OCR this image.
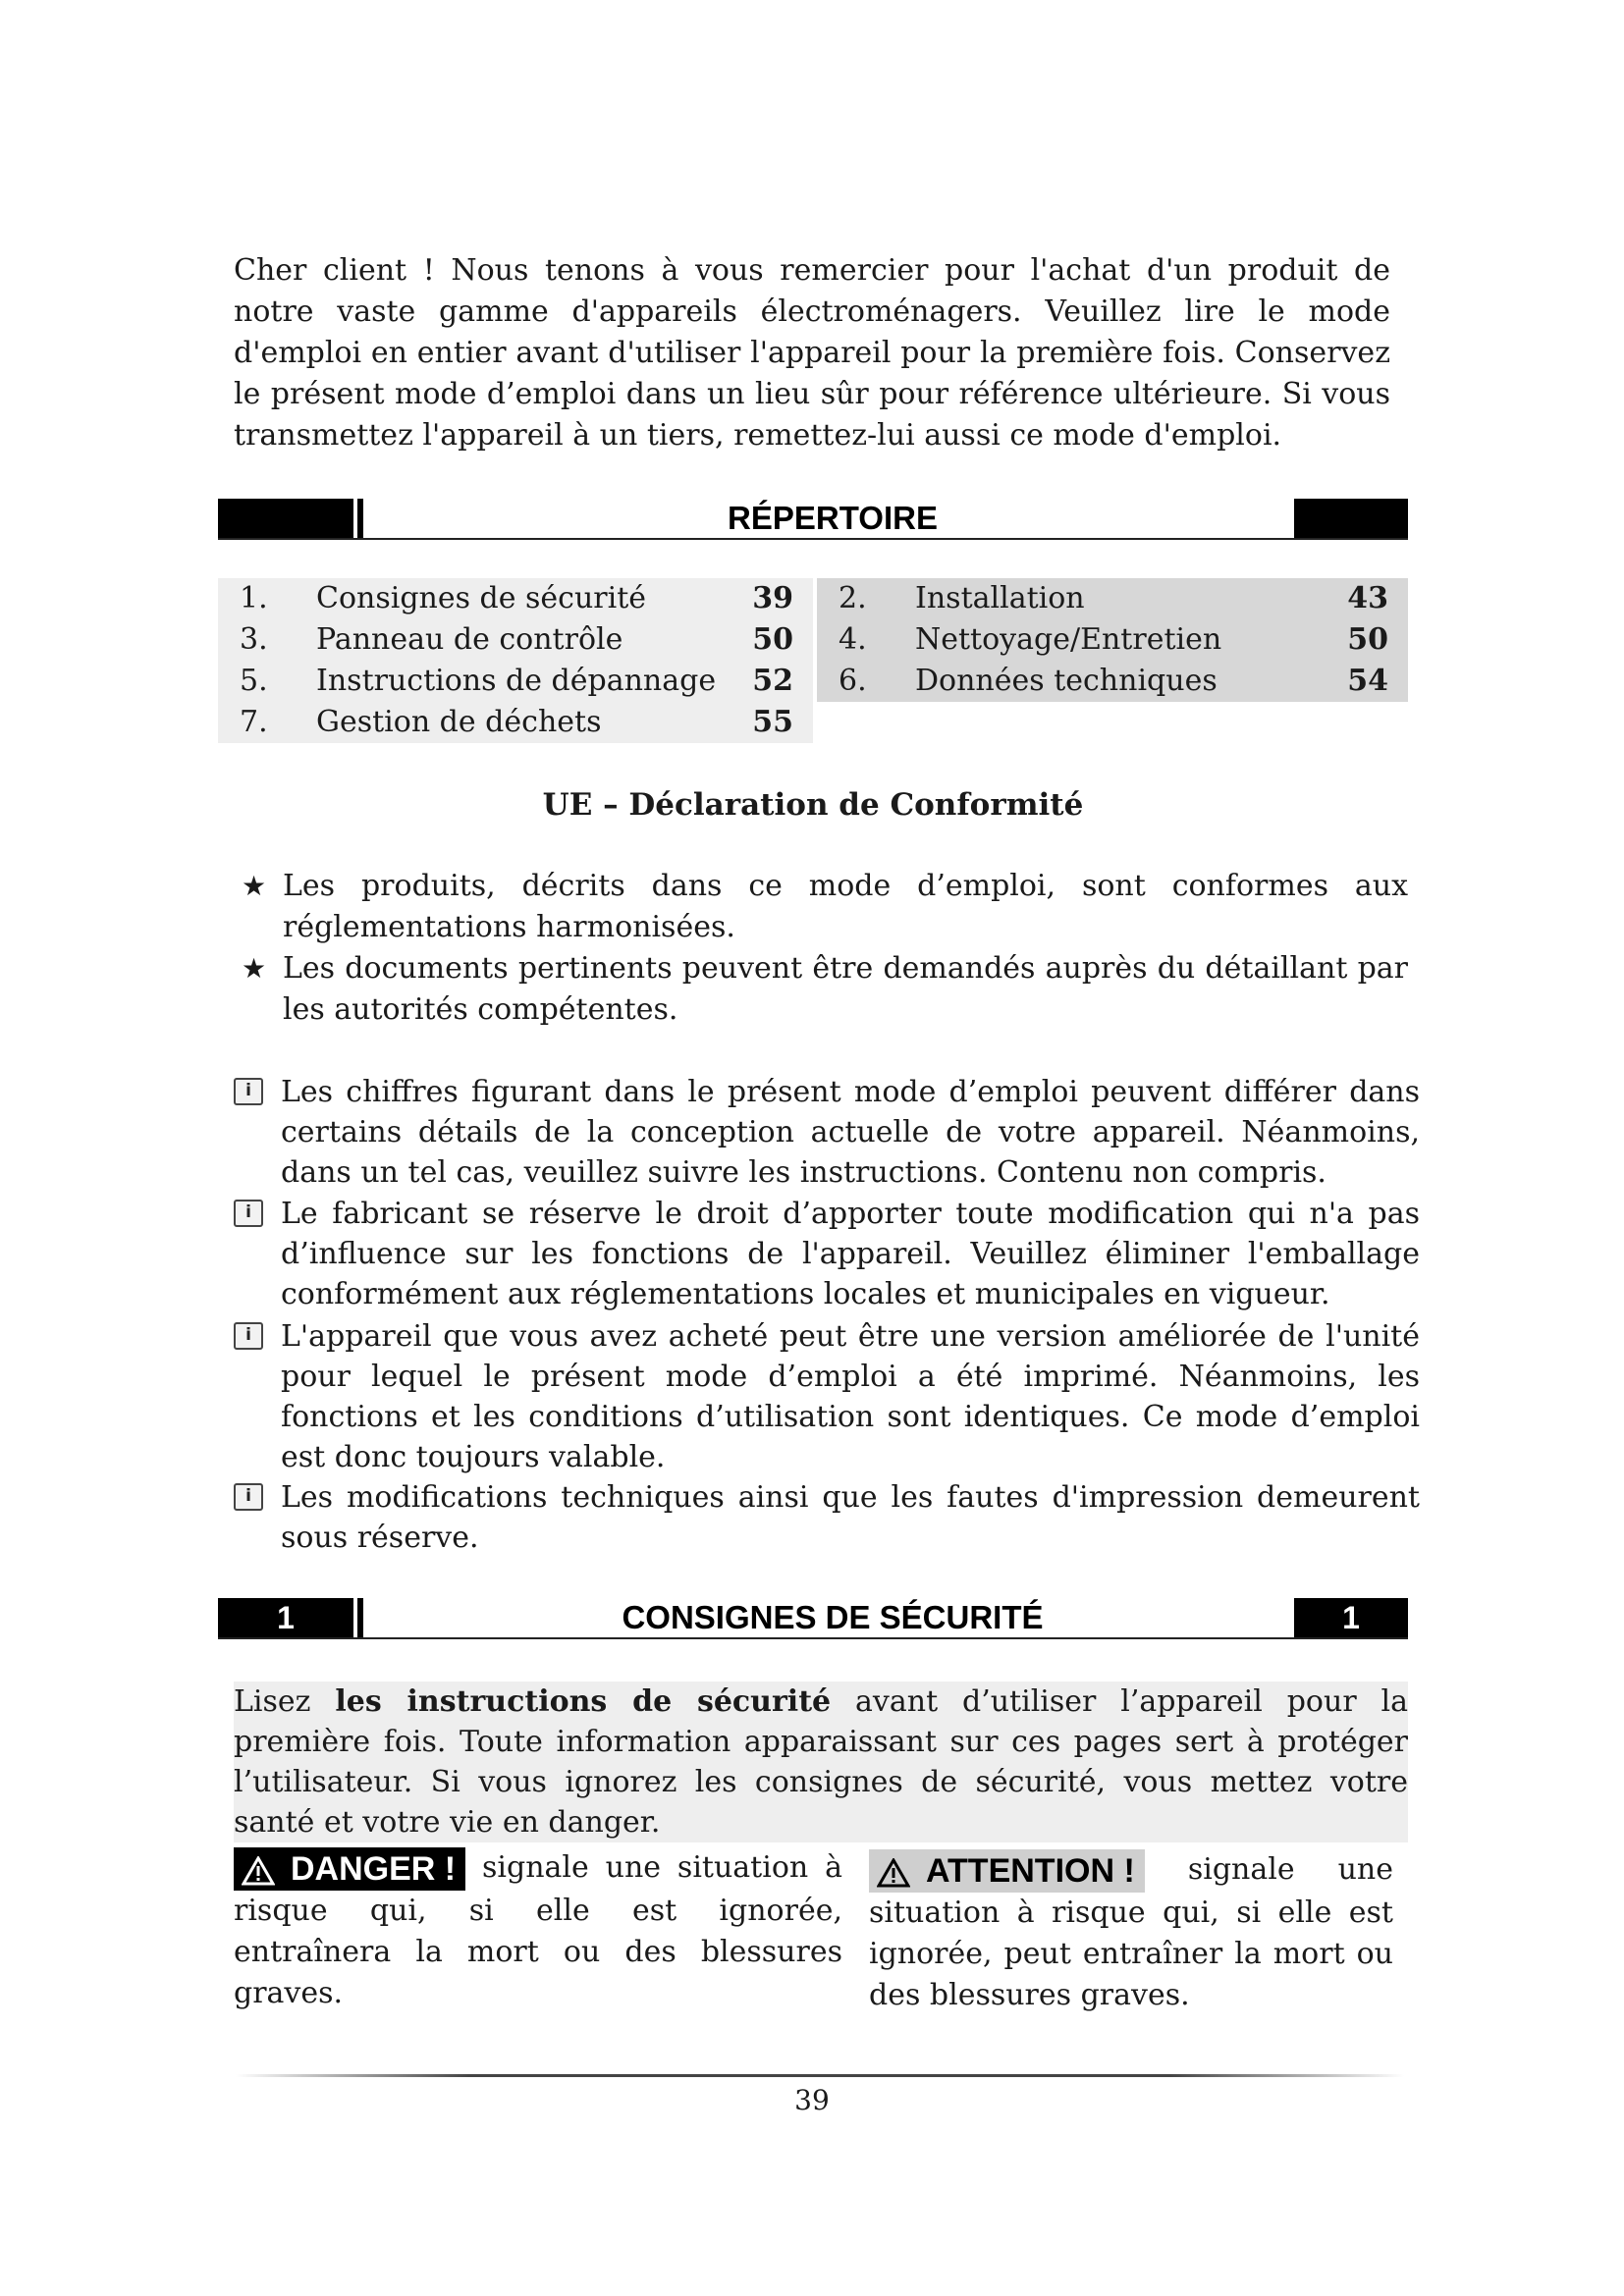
Cher client ! Nous tenons à vous remercier pour l'achat d'un produit de notre vaste gamme d'appareils électroménagers. Veuillez lire le mode d'emploi en entier avant d'utiliser l'appareil pour la première fois. Conservez le présent mode d’emploi dans un lieu sûr pour référence ultérieure. Si vous transmettez l'appareil à un tiers, remettez-lui aussi ce mode d'emploi.
RÉPERTOIRE
1. Consignes de sécurité	39 2. Installation	43
3. Panneau de contrôle	50 4. Nettoyage/Entretien	50
5. Instructions de dépannage 52 6. Données techniques	54
7. Gestion de déchets	55
UE – Déclaration de Conformité
★ Les produits, décrits dans ce mode d’emploi, sont conformes aux réglementations harmonisées.
★ Les documents pertinents peuvent être demandés auprès du détaillant par les autorités compétentes.
i	Les chiffres figurant dans le présent mode d’emploi peuvent différer dans certains détails de la conception actuelle de votre appareil. Néanmoins, dans un tel cas, veuillez suivre les instructions. Contenu non compris.
i	Le fabricant se réserve le droit d’apporter toute modification qui n'a pas d’influence sur les fonctions de l'appareil. Veuillez éliminer l'emballage conformément aux réglementations locales et municipales en vigueur.
i	L'appareil que vous avez acheté peut être une version améliorée de l'unité pour lequel le présent mode d’emploi a été imprimé. Néanmoins, les fonctions et les conditions d’utilisation sont identiques. Ce mode d’emploi est donc toujours valable.
i	Les modifications techniques ainsi que les fautes d'impression demeurent sous réserve.
1	CONSIGNES DE SÉCURITÉ	1
Lisez les instructions de sécurité avant d’utiliser l’appareil pour la première fois. Toute information apparaissant sur ces pages sert à protéger l’utilisateur. Si vous ignorez les consignes de sécurité, vous mettez votre santé et votre vie en danger.
DANGER ! signale une situation à risque qui, si elle est ignorée, entraînera la mort ou des blessures graves.
ATTENTION ! signale une situation à risque qui, si elle est ignorée, peut entraîner la mort ou des blessures graves.
39
